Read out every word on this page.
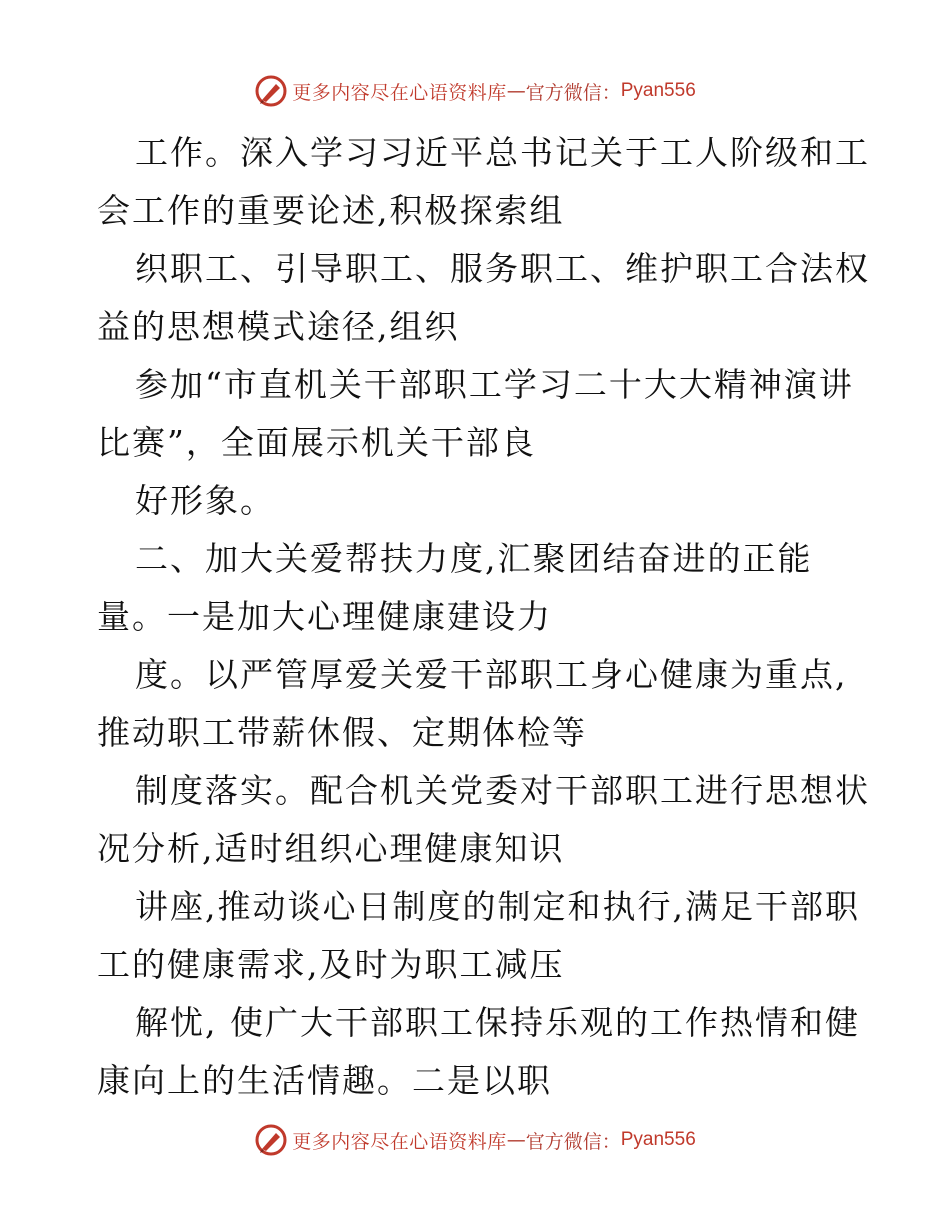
更多内容尽在心语资料库 — 官方微信： Pyan556
工作。深入学习习近平总书记关于工人阶级和工
会工作的重要论述,积极探索组
织职工、引导职工、服务职工、维护职工合法权
益的思想模式途径,组织
参加“市直机关干部职工学习二十大大精神演讲
比赛”，全面展示机关干部良
好形象。
二、加大关爱帮扶力度,汇聚团结奋进的正能
量。一是加大心理健康建设力
度。以严管厚爱关爱干部职工身心健康为重点,
推动职工带薪休假、定期体检等
制度落实。配合机关党委对干部职工进行思想状
况分析,适时组织心理健康知识
讲座,推动谈心日制度的制定和执行,满足干部职
工的健康需求,及时为职工减压
解忧, 使广大干部职工保持乐观的工作热情和健
康向上的生活情趣。二是以职
更多内容尽在心语资料库 — 官方微信： Pyan556
